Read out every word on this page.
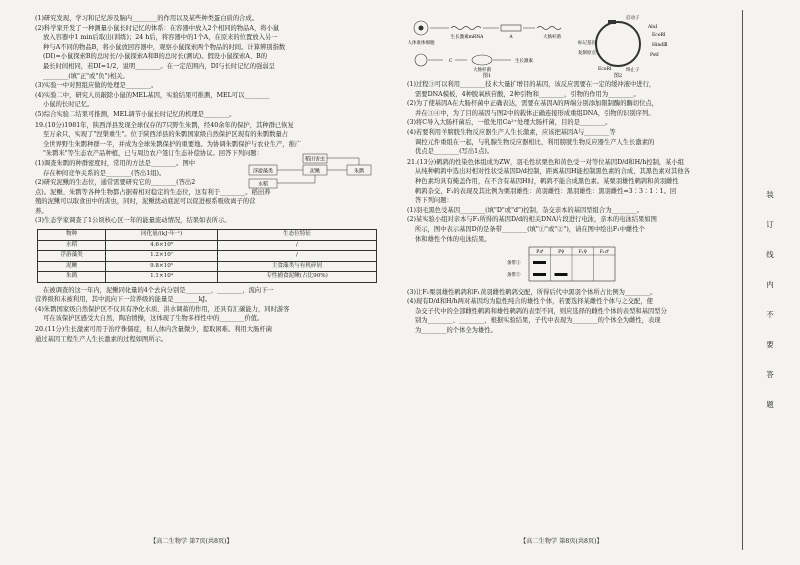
(1)研究发现，学习和记忆涉及脑内________的作用以及某些种类蛋白质的合成。

(2)科学家开发了一种测量小鼠长时记忆的体系：在容器中放入2个相同的物品A，将小鼠

放入容器中1 min后取出(训练)；24 h后，将容器中的1个A，在原来的位置放入另一

种与A不同的物品B，将小鼠放回容器中，观察小鼠探索两个物品的时间。计算辨别指数

(DI)=小鼠探索B的总时长/小鼠探索A和B的总时长(测试)。假设小鼠探索A、B的

最长时间相同，若DI=1/2，说明________。在一定范围内，DI与长时记忆的强弱呈

________(填"正"或"负")相关。

(3)实验一中对照组应做的处理是________。

(4)实验二中，研究人员敲除小鼠的MEL基因，实验结果可推测，MEL可以________

小鼠的长时记忆。

(5)综合实验二结果可推测，MEL调节小鼠长时记忆的机理是________。

19.(10分)1981年，陕西洋县发现全球仅存的7只野生朱鹮，经40余年的保护，其种群已恢复

至万余只，实现了"涅槃重生"。位于陕西洋县的朱鹮国家级自然保护区现有的朱鹮数量占

全世界野生朱鹮种群一半，并成为全球朱鹮保护的重要地。为协调朱鹮保护与农业生产，推广

"朱鹮米"等生态农产品种植，已与周边农户签订生态补偿协议。回答下列问题：

(1)调查朱鹮的种群密度时，常用的方法是________。图中

存在种间竞争关系的是________(答出1组)。

(2)研究泥鳅的生态位，通常需要研究它的________(答出2

浮游藻类	泥鳅
稻田害虫
朱鹮
水稻

点)。泥鳅、朱鹮等各种生物都占据着相对稳定的生态位，这有利于________。稻田养

殖的泥鳅可以取食田中的害虫，同时，泥鳅扰动底泥可以促进根系吸收离子的营

养。

(3)生态学家调查了1公顷核心区一年的能量流动情况，结果如表所示。

物种	同化量/(kJ·年⁻¹)	生态位特征
水稻	4.6×10⁸	/
浮游藻类	1.2×10⁷	/
泥鳅	9.8×10⁵	主食藻类与有机碎屑
朱鹮	1.1×10⁴	专性捕食泥鳅(占比90%)

在被调查的这一年内，泥鳅同化量的4个去向分别是________、________，流向下一

营养级和未被利用，其中流向下一营养级的能量是________kJ。

(4)朱鹮国家级自然保护区不仅具有净化水质、洪水调蓄的作用，还具有汇碳能力，同时游客

可在该保护区感受大自然，陶冶情操，这体现了生物多样性中的________价值。

20.(11分)生长激素可用于治疗侏儒症，但人体内含量微少，提取困难。利用大肠杆菌

通过基因工程生产人生长激素的过程如图所示。

人体垂体细胞
生长激素mRNA	A	大肠杆菌
C
大肠杆菌
生长激素
图1
启动子
AluⅠ
EcoRⅠ
HindⅢ
PstⅠ
标记基因
复制原点
终止子
EcoRⅠ
图2

(1)过程③可以利用________技术大量扩增目的基因，该反应需要在一定的缓冲液中进行，

需要DNA模板，4种脱氧核苷酸，2种引物和________，引物的作用为________。

(2)为了使基因A在大肠杆菌中正确表达，需要在基因A的两端分别添加限制酶的酶切位点，

并在③④中，为了目的基因与图2中的载体正确连接形成重组DNA，引物的识别序列。

(3)将C导入大肠杆菌后，一般先用Ca²⁺处理大肠杆菌，目的是________。

(4)若要利用羊膀胱生物反应器生产人生长激素，应该把基因A与________等

调控元件重组在一起，与乳腺生物反应器相比，利用膀胱生物反应器生产人生长激素的

优点是________(写出1点)。

21.(13分)鹌鹑的性染色体组成为ZW，羽毛性状栗色和黄色受一对等位基因D/d和H/h控制，某小组

从纯种鹌鹑中选出对相对性状受基因D/d控制，距离基因H能控制黑色素的合成，其黑色素对其他各

种色素均具有掩盖作用，在不含有基因H时，鹌鹑不能合成黑色素。某栗羽雄性鹌鹑和黄羽雌性

鹌鹑杂交，F₁的表现及其比例为栗羽雄性：黄羽雌性：黑羽雄性：黑羽雌性=3∶3∶1∶1。回

答下列问题：

(1)羽毛黑色受基因________(填"D"或"d")控制，杂交亲本的基因型组合为________。

(2)某实验小组对亲本与F₁所得的基因D/d的相关DNA片段进行电泳，亲本的电泳结果如图

所示，图中表示基因D的是条带________(填"①"或"②")，请在图中绘出F₁中雌性个

体和雄性个体的电泳结果。

P♂	P♀	F₁♀	F₁♂
条带①
条带②

(3)让F₁栗羽雄性鹌鹑和F₁黄羽雌性鹌鹑交配，所得后代中黑羽个体所占比例为________。

(4)现有D/d和H/h两对基因均为隐性纯合的雄性个体，若要选择某雌性个体与之交配，使

杂交子代中的全部雌性鹌鹑和雄性鹌鹑的表型不同，则应选择的雌性个体的表型和基因型分

别为________、________，根据实验结果，子代中表现为________的个体全为雌性，表现

为________的个体全为雄性。

【高二生物学 第7页(共8页)】	【高二生物学 第8页(共8页)】
装
订
线
内
不
要
答
题
